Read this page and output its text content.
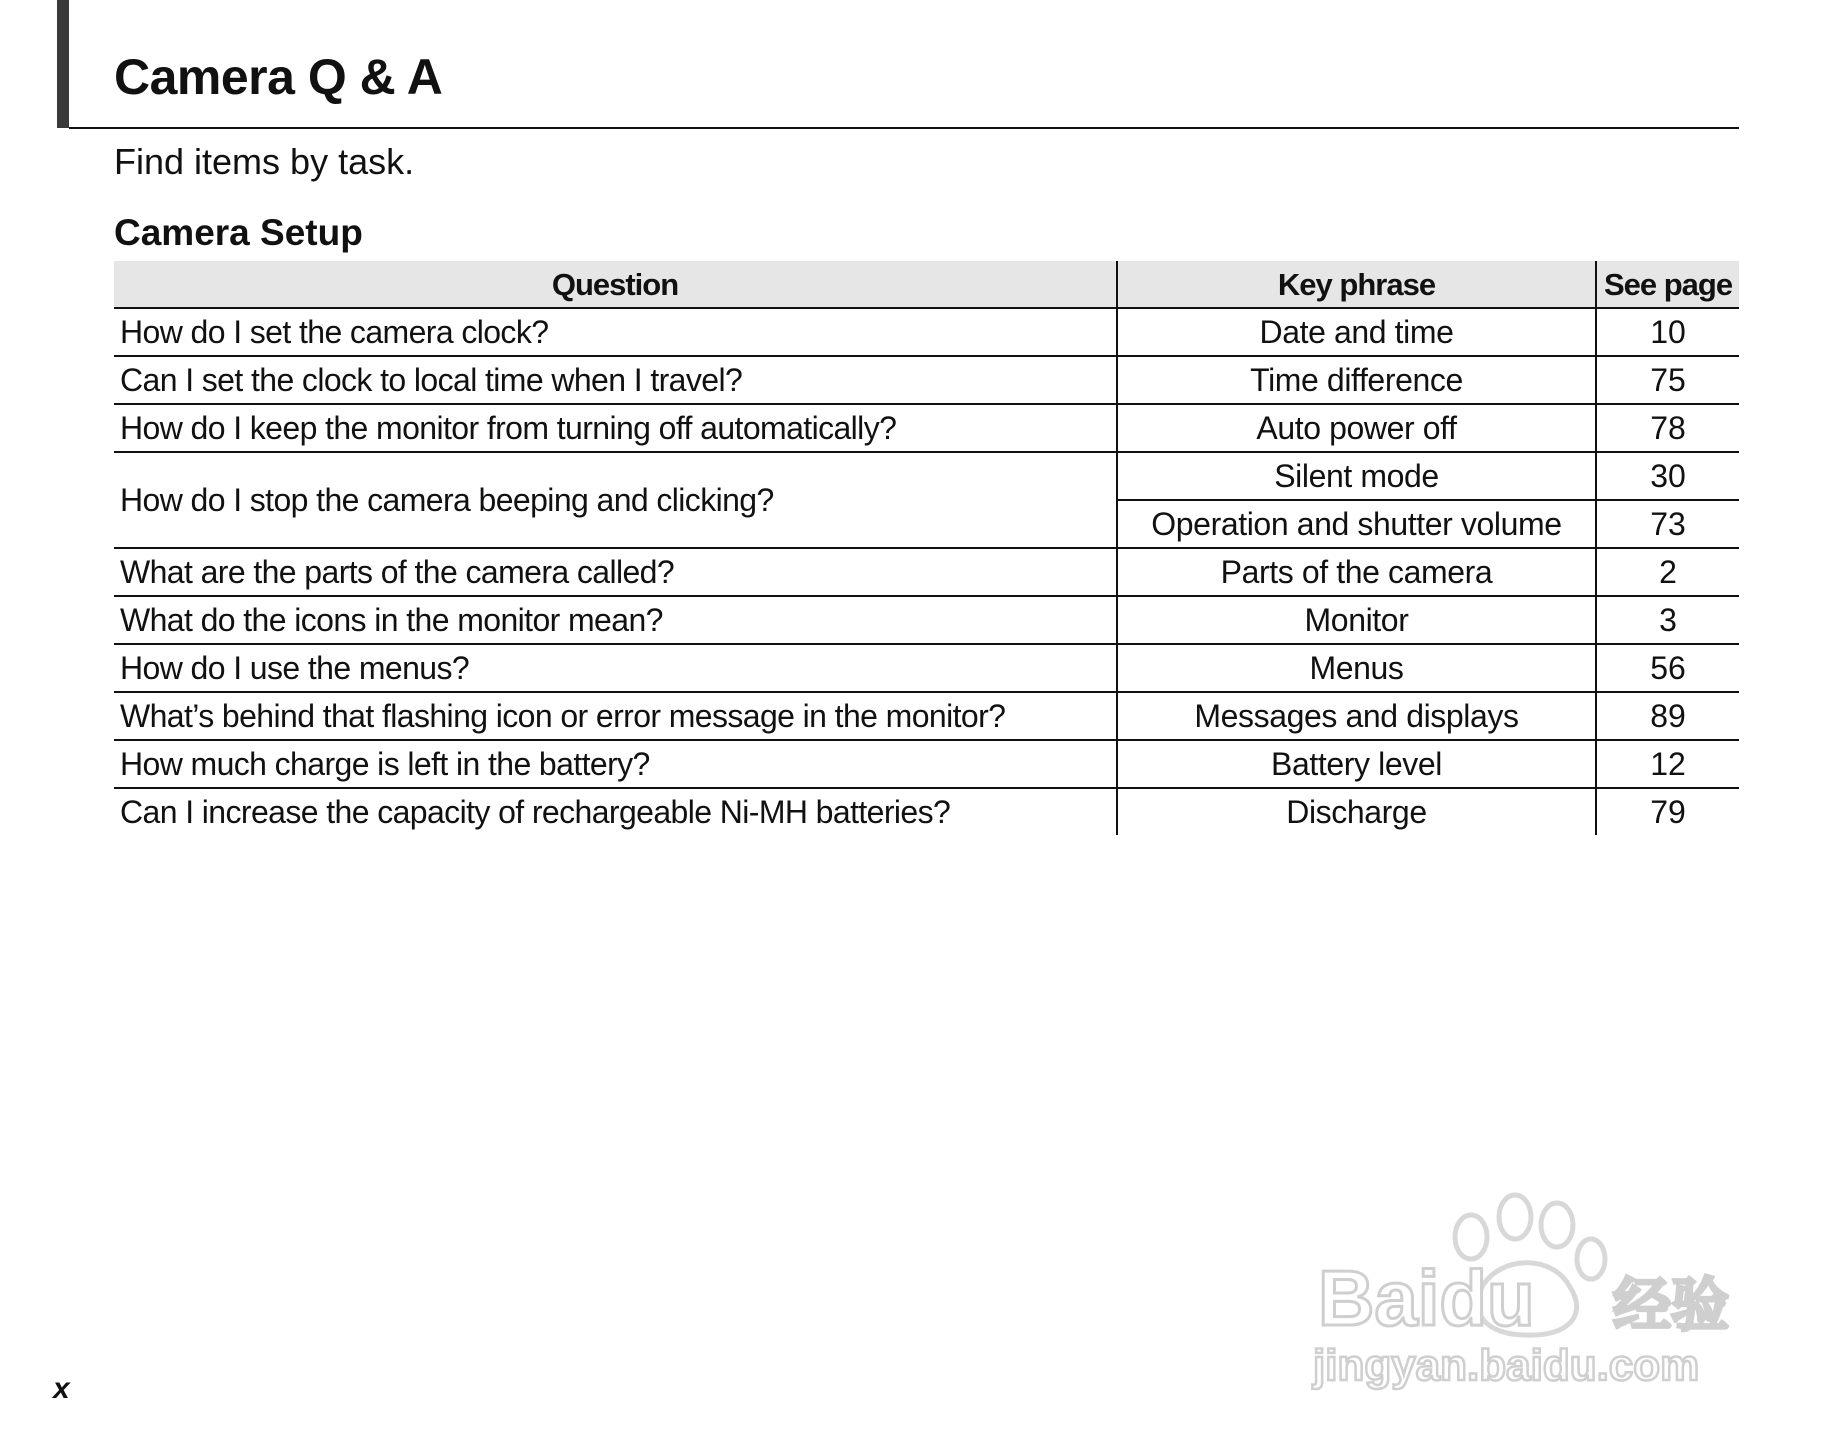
Camera Q & A

Find items by task.

Camera Setup
Question	Key phrase	See page
How do I set the camera clock?	Date and time	10
Can I set the clock to local time when I travel?	Time difference	75
How do I keep the monitor from turning off automatically?	Auto power off	78
How do I stop the camera beeping and clicking?	Silent mode	30
	Operation and shutter volume	73
What are the parts of the camera called?	Parts of the camera	2
What do the icons in the monitor mean?	Monitor	3
How do I use the menus?	Menus	56
What’s behind that flashing icon or error message in the monitor?	Messages and displays	89
How much charge is left in the battery?	Battery level	12
Can I increase the capacity of rechargeable Ni-MH batteries?	Discharge	79
x
Baidu 经验
jingyan.baidu.com
